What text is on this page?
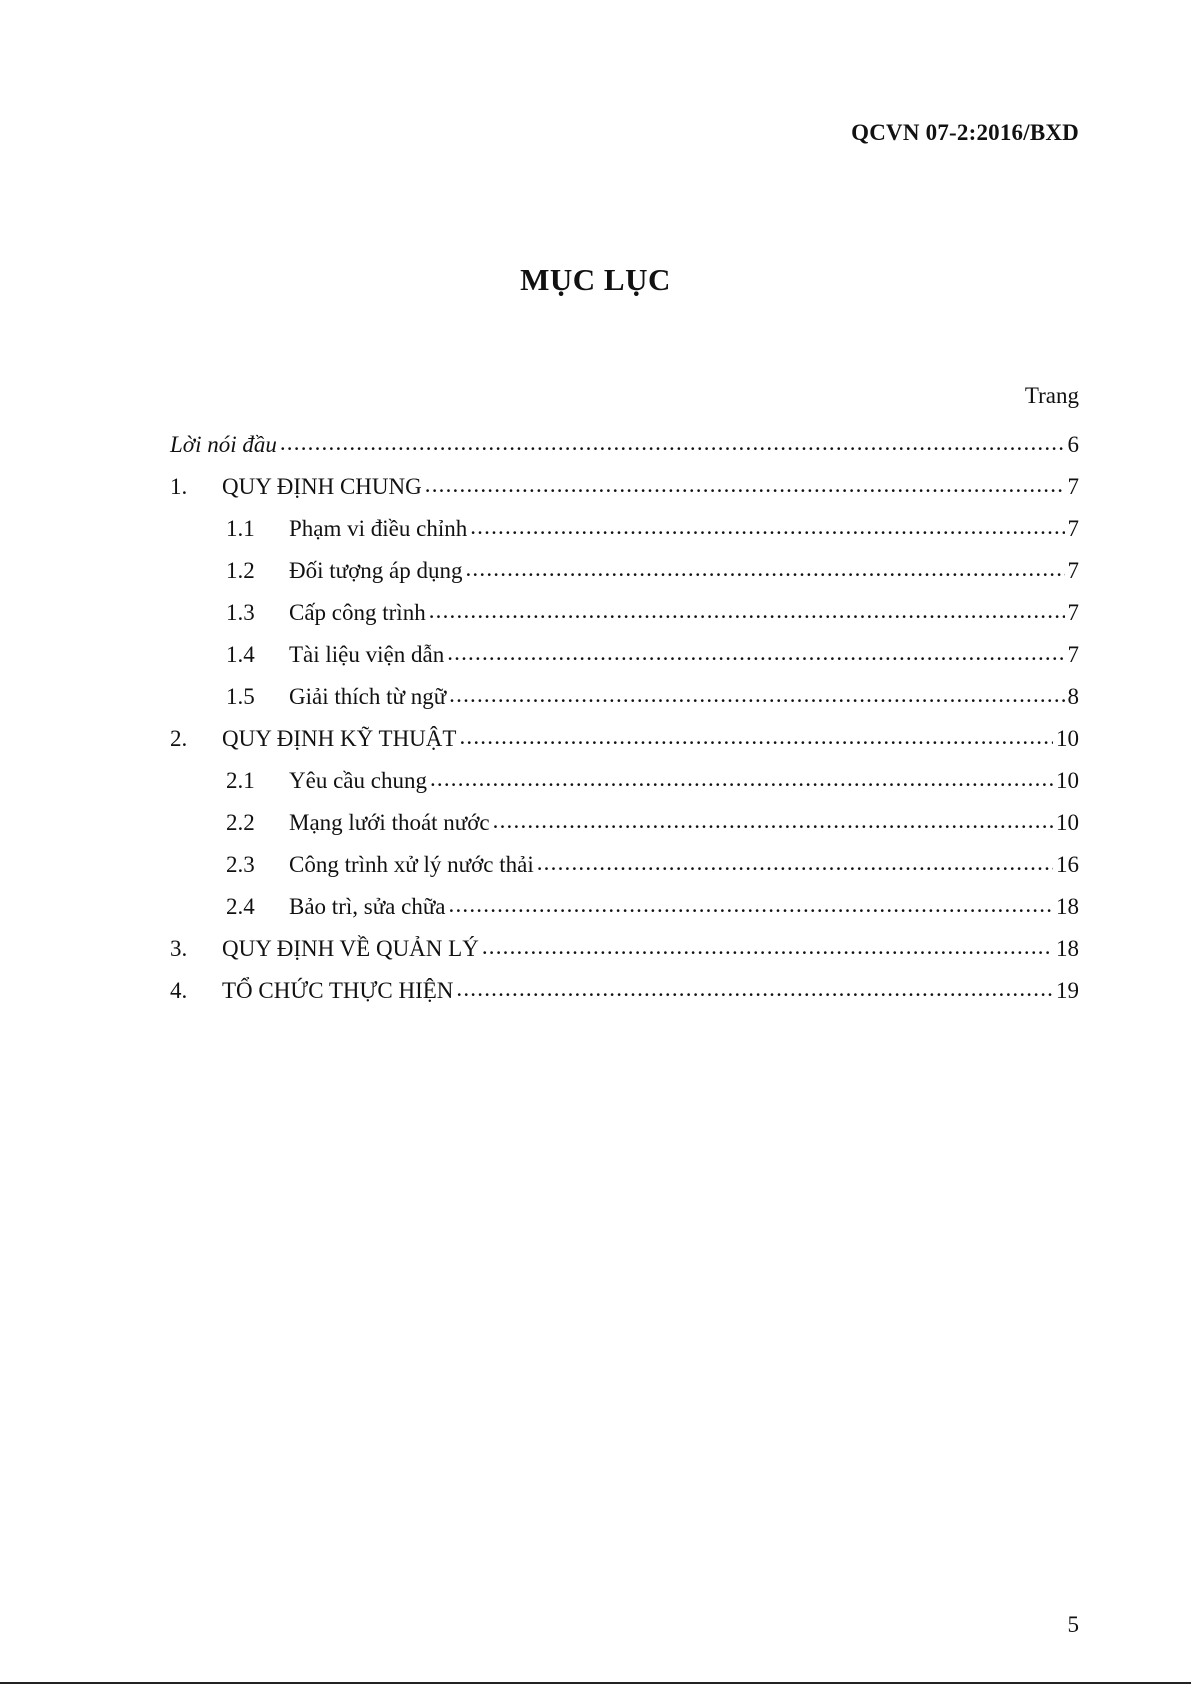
QCVN 07-2:2016/BXD
MỤC LỤC
Trang
Lời nói đầu .....	6
1.	QUY ĐỊNH CHUNG .....	7
1.1	Phạm vi điều chỉnh .....	7
1.2	Đối tượng áp dụng .....	7
1.3	Cấp công trình .....	7
1.4	Tài liệu viện dẫn .....	7
1.5	Giải thích từ ngữ .....	8
2.	QUY ĐỊNH KỸ THUẬT .....	10
2.1	Yêu cầu chung .....	10
2.2	Mạng lưới thoát nước .....	10
2.3	Công trình xử lý nước thải .....	16
2.4	Bảo trì, sửa chữa .....	18
3.	QUY ĐỊNH VỀ QUẢN LÝ .....	18
4.	TỔ CHỨC THỰC HIỆN .....	19
5
